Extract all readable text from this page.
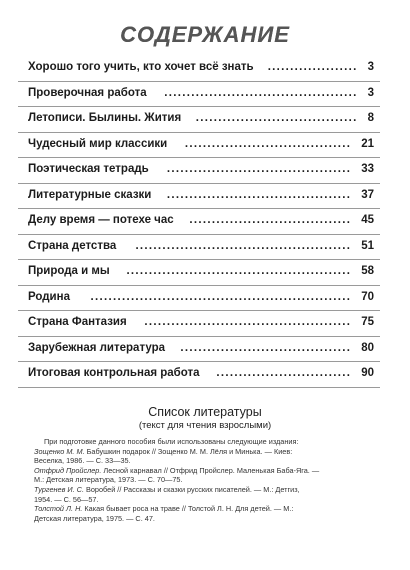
СОДЕРЖАНИЕ
....................
Хорошо того учить, кто хочет всё знать	3
...........................................
Проверочная работа	3
....................................
Летописи. Былины. Жития	8
.....................................
Чудесный мир классики	21
.........................................
Поэтическая тетрадь	33
.........................................
Литературные сказки	37
....................................
Делу время — потехе час	45
................................................
Страна детства	51
..................................................
Природа и мы	58
..........................................................
Родина	70
..............................................
Страна Фантазия	75
......................................
Зарубежная литература	80
..............................
Итоговая контрольная работа	90
Список литературы
(текст для чтения взрослыми)
При подготовке данного пособия были использованы следующие издания:
Зощенко М. М. Бабушкин подарок // Зощенко М. М. Лёля и Минька. — Киев:
Веселка, 1986. — С. 33—35.
Отфрид Пройслер. Лесной карнавал // Отфрид Пройслер. Маленькая Баба-Яга. —
М.: Детская литература, 1973. — С. 70—75.
Тургенев И. С. Воробей // Рассказы и сказки русских писателей. — М.: Детгиз,
1954. — С. 56—57.
Толстой Л. Н. Какая бывает роса на траве // Толстой Л. Н. Для детей. — М.:
Детская литература, 1975. — С. 47.
